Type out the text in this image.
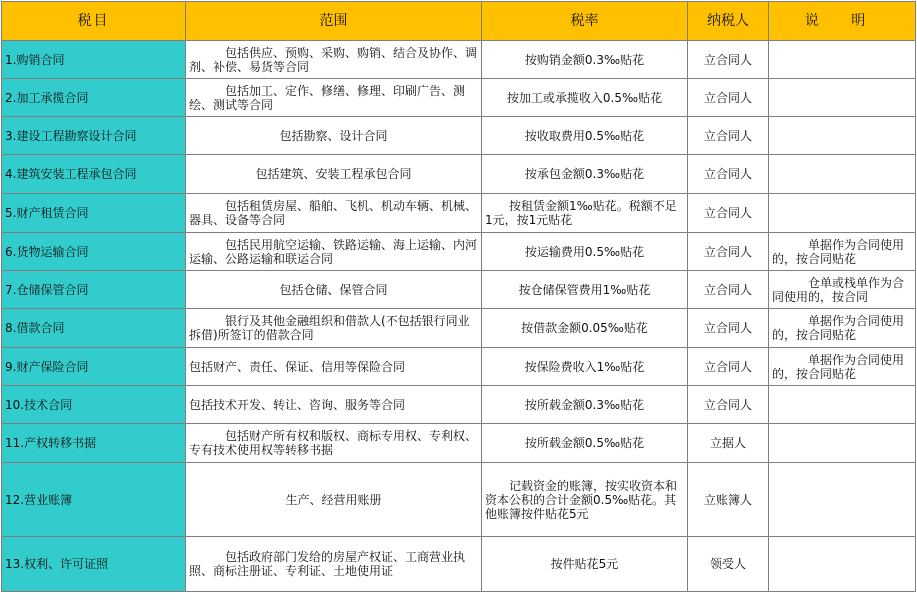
税目	范围	税率	纳税人	说 明
1.购销合同	包括供应、预购、采购、购销、结合及协作、调剂、补偿、易货等合同	按购销金额0.3‰贴花	立合同人	
2.加工承揽合同	包括加工、定作、修缮、修理、印刷广告、测绘、测试等合同	按加工或承揽收入0.5‰贴花	立合同人	
3.建设工程勘察设计合同	包括勘察、设计合同	按收取费用0.5‰贴花	立合同人	
4.建筑安装工程承包合同	包括建筑、安装工程承包合同	按承包金额0.3‰贴花	立合同人	
5.财产租赁合同	包括租赁房屋、船舶、飞机、机动车辆、机械、器具、设备等合同	按租赁金额1‰贴花。税额不足1元，按1元贴花	立合同人	
6.货物运输合同	包括民用航空运输、铁路运输、海上运输、内河运输、公路运输和联运合同	按运输费用0.5‰贴花	立合同人	单据作为合同使用的，按合同贴花
7.仓储保管合同	包括仓储、保管合同	按仓储保管费用1‰贴花	立合同人	仓单或栈单作为合同使用的，按合同
8.借款合同	银行及其他金融组织和借款人(不包括银行同业拆借)所签订的借款合同	按借款金额0.05‰贴花	立合同人	单据作为合同使用的，按合同贴花
9.财产保险合同	包括财产、责任、保证、信用等保险合同	按保险费收入1‰贴花	立合同人	单据作为合同使用的，按合同贴花
10.技术合同	包括技术开发、转让、咨询、服务等合同	按所载金额0.3‰贴花	立合同人	
11.产权转移书据	包括财产所有权和版权、商标专用权、专利权、专有技术使用权等转移书据	按所载金额0.5‰贴花	立据人	
12.营业账簿	生产、经营用账册	记载资金的账簿，按实收资本和资本公积的合计金额0.5‰贴花。其他账簿按件贴花5元	立账簿人	
13.权利、许可证照	包括政府部门发给的房屋产权证、工商营业执照、商标注册证、专利证、土地使用证	按件贴花5元	领受人	
